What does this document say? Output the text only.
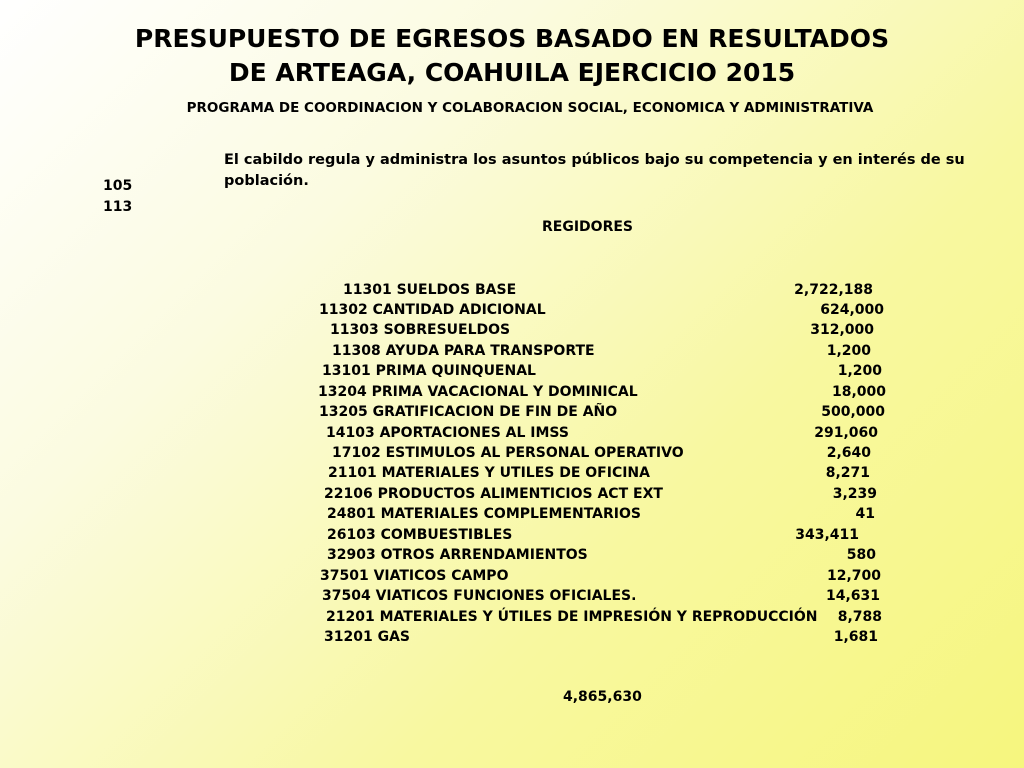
PRESUPUESTO DE EGRESOS BASADO EN RESULTADOS
DE ARTEAGA, COAHUILA EJERCICIO 2015
PROGRAMA DE COORDINACION Y COLABORACION SOCIAL, ECONOMICA Y ADMINISTRATIVA
El cabildo regula y administra los asuntos públicos bajo su competencia y en interés de su población.
105
113
REGIDORES
11301 SUELDOS BASE	2,722,188
11302 CANTIDAD ADICIONAL	624,000
11303 SOBRESUELDOS	312,000
11308 AYUDA PARA TRANSPORTE	1,200
13101 PRIMA QUINQUENAL	1,200
13204 PRIMA VACACIONAL Y DOMINICAL	18,000
13205 GRATIFICACION DE FIN DE AÑO	500,000
14103 APORTACIONES AL IMSS	291,060
17102 ESTIMULOS AL PERSONAL OPERATIVO	2,640
21101 MATERIALES Y UTILES DE OFICINA	8,271
22106 PRODUCTOS ALIMENTICIOS ACT EXT	3,239
24801 MATERIALES COMPLEMENTARIOS	41
26103 COMBUESTIBLES	343,411
32903 OTROS ARRENDAMIENTOS	580
37501 VIATICOS CAMPO	12,700
37504 VIATICOS FUNCIONES OFICIALES.	14,631
21201 MATERIALES Y ÚTILES DE IMPRESIÓN Y REPRODUCCIÓN 8,788
31201 GAS	1,681
4,865,630
